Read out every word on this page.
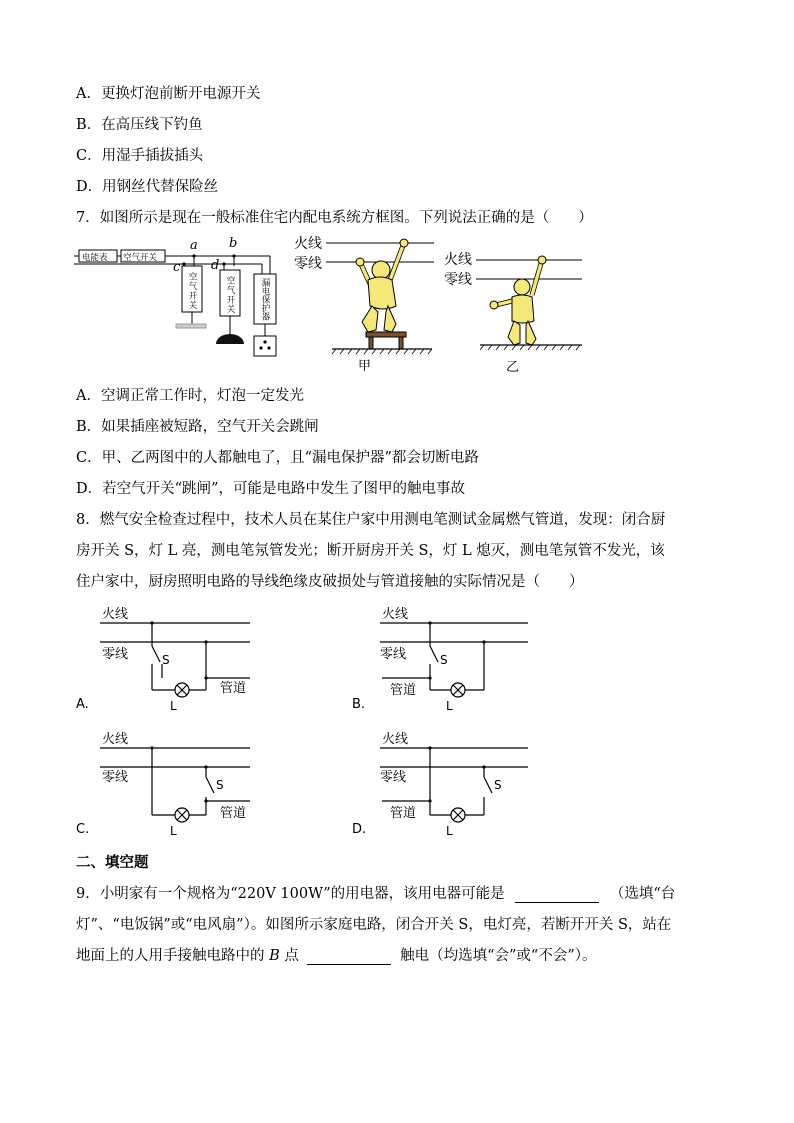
A．更换灯泡前断开电源开关
B．在高压线下钓鱼
C．用湿手插拔插头
D．用钢丝代替保险丝
7．如图所示是现在一般标准住宅内配电系统方框图。下列说法正确的是（　　）
电能表 空气开关
a b
c d
空气开关	空气开关	漏电保护器
火线
零线
甲
火线
零线
乙
A．空调正常工作时，灯泡一定发光
B．如果插座被短路，空气开关会跳闸
C．甲、乙两图中的人都触电了，且“漏电保护器”都会切断电路
D．若空气开关“跳闸”，可能是电路中发生了图甲的触电事故
8．燃气安全检查过程中，技术人员在某住户家中用测电笔测试金属燃气管道，发现：闭合厨
房开关 S，灯 L 亮，测电笔氖管发光；断开厨房开关 S，灯 L 熄灭，测电笔氖管不发光，该
住户家中，厨房照明电路的导线绝缘皮破损处与管道接触的实际情况是（　　）
火线
零线	S
L
管道
A.
火线
零线	S
L
管道
B.
火线
零线	S
L
管道
C.
火线
零线	S
L
管道
D.
二、填空题
9．小明家有一个规格为“220V 100W”的用电器，该用电器可能是	（选填“台
灯”、“电饭锅”或“电风扇”）。如图所示家庭电路，闭合开关 S，电灯亮，若断开开关 S，站在
地面上的人用手接触电路中的 B 点	触电（均选填“会”或“不会”）。
